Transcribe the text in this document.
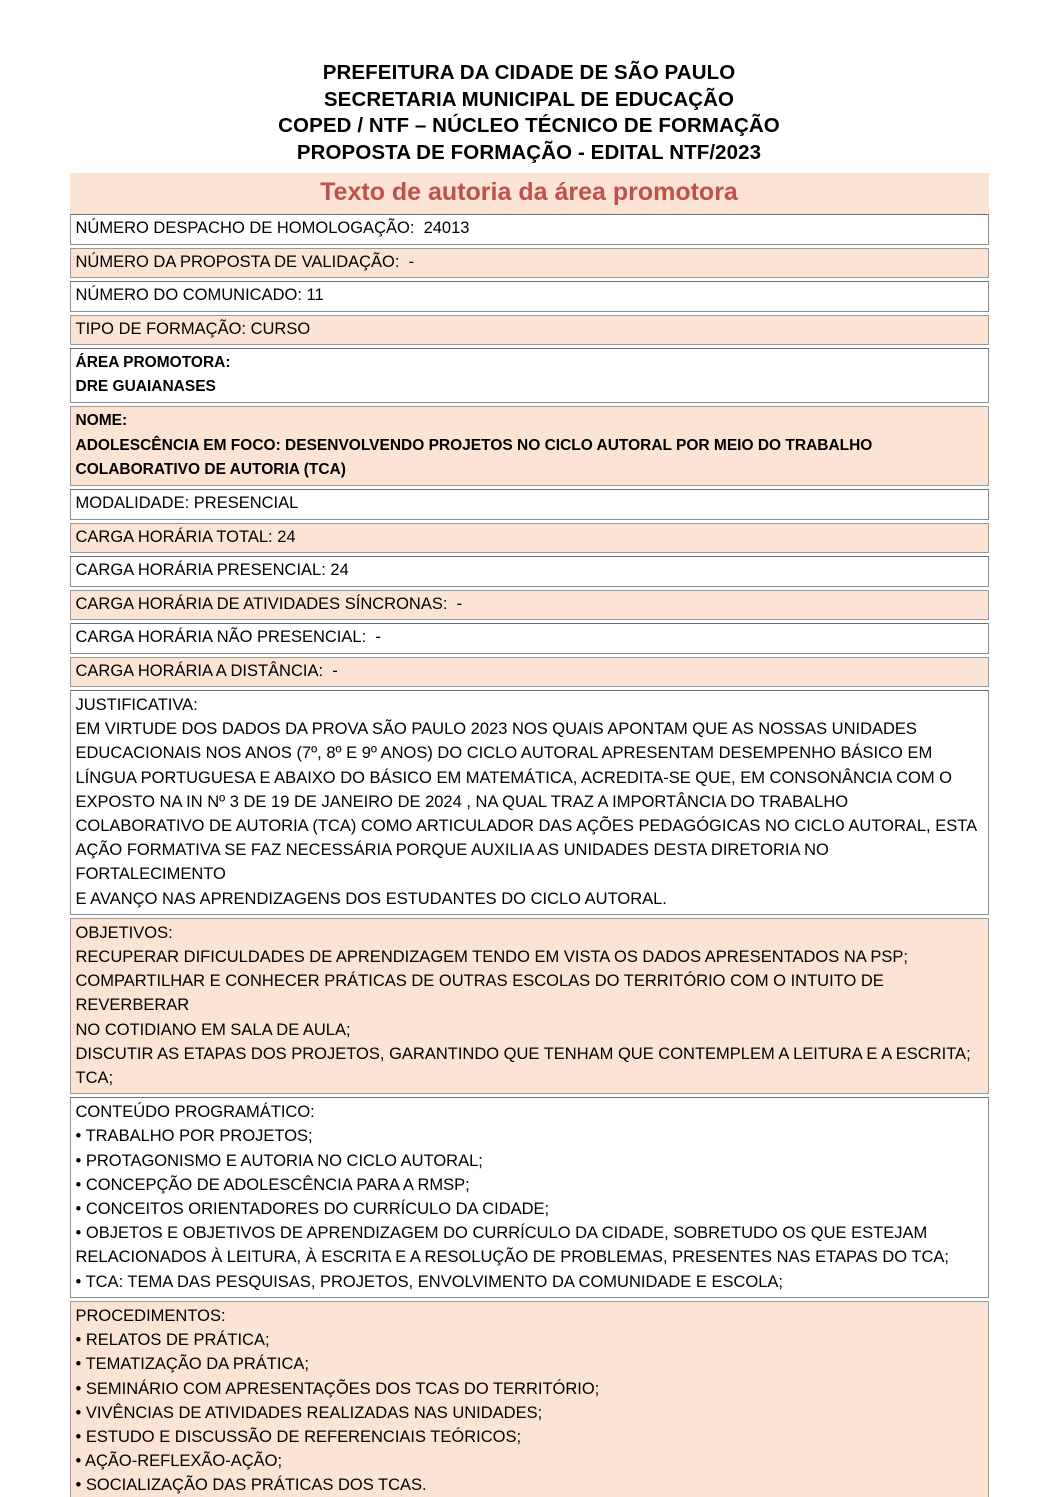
PREFEITURA DA CIDADE DE SÃO PAULO
SECRETARIA MUNICIPAL DE EDUCAÇÃO
COPED / NTF – NÚCLEO TÉCNICO DE FORMAÇÃO
PROPOSTA DE FORMAÇÃO - EDITAL NTF/2023
Texto de autoria da área promotora
NÚMERO DESPACHO DE HOMOLOGAÇÃO:  24013
NÚMERO DA PROPOSTA DE VALIDAÇÃO:  -
NÚMERO DO COMUNICADO: 11
TIPO DE FORMAÇÃO: CURSO
ÁREA PROMOTORA:
DRE GUAIANASES
NOME:
ADOLESCÊNCIA EM FOCO: DESENVOLVENDO PROJETOS NO CICLO AUTORAL POR MEIO DO TRABALHO
COLABORATIVO DE AUTORIA (TCA)
MODALIDADE: PRESENCIAL
CARGA HORÁRIA TOTAL: 24
CARGA HORÁRIA PRESENCIAL: 24
CARGA HORÁRIA DE ATIVIDADES SÍNCRONAS:  -
CARGA HORÁRIA NÃO PRESENCIAL:  -
CARGA HORÁRIA A DISTÂNCIA:  -
JUSTIFICATIVA:
EM VIRTUDE DOS DADOS DA PROVA SÃO PAULO 2023 NOS QUAIS APONTAM QUE AS NOSSAS UNIDADES
EDUCACIONAIS NOS ANOS (7º, 8º E 9º ANOS) DO CICLO AUTORAL APRESENTAM DESEMPENHO BÁSICO EM
LÍNGUA PORTUGUESA E ABAIXO DO BÁSICO EM MATEMÁTICA, ACREDITA-SE QUE, EM CONSONÂNCIA COM O
EXPOSTO NA IN Nº 3 DE 19 DE JANEIRO DE 2024 , NA QUAL TRAZ A IMPORTÂNCIA DO TRABALHO
COLABORATIVO DE AUTORIA (TCA) COMO ARTICULADOR DAS AÇÕES PEDAGÓGICAS NO CICLO AUTORAL, ESTA
AÇÃO FORMATIVA SE FAZ NECESSÁRIA PORQUE AUXILIA AS UNIDADES DESTA DIRETORIA NO FORTALECIMENTO
E AVANÇO NAS APRENDIZAGENS DOS ESTUDANTES DO CICLO AUTORAL.
OBJETIVOS:
RECUPERAR DIFICULDADES DE APRENDIZAGEM TENDO EM VISTA OS DADOS APRESENTADOS NA PSP;
COMPARTILHAR E CONHECER PRÁTICAS DE OUTRAS ESCOLAS DO TERRITÓRIO COM O INTUITO DE REVERBERAR
NO COTIDIANO EM SALA DE AULA;
DISCUTIR AS ETAPAS DOS PROJETOS, GARANTINDO QUE TENHAM QUE CONTEMPLEM A LEITURA E A ESCRITA;
TCA;
CONTEÚDO PROGRAMÁTICO:
• TRABALHO POR PROJETOS;
• PROTAGONISMO E AUTORIA NO CICLO AUTORAL;
• CONCEPÇÃO DE ADOLESCÊNCIA PARA A RMSP;
• CONCEITOS ORIENTADORES DO CURRÍCULO DA CIDADE;
• OBJETOS E OBJETIVOS DE APRENDIZAGEM DO CURRÍCULO DA CIDADE, SOBRETUDO OS QUE ESTEJAM
RELACIONADOS À LEITURA, À ESCRITA E A RESOLUÇÃO DE PROBLEMAS, PRESENTES NAS ETAPAS DO TCA;
• TCA: TEMA DAS PESQUISAS, PROJETOS, ENVOLVIMENTO DA COMUNIDADE E ESCOLA;
PROCEDIMENTOS:
• RELATOS DE PRÁTICA;
• TEMATIZAÇÃO DA PRÁTICA;
• SEMINÁRIO COM APRESENTAÇÕES DOS TCAS DO TERRITÓRIO;
• VIVÊNCIAS DE ATIVIDADES REALIZADAS NAS UNIDADES;
• ESTUDO E DISCUSSÃO DE REFERENCIAIS TEÓRICOS;
• AÇÃO-REFLEXÃO-AÇÃO;
• SOCIALIZAÇÃO DAS PRÁTICAS DOS TCAS.
